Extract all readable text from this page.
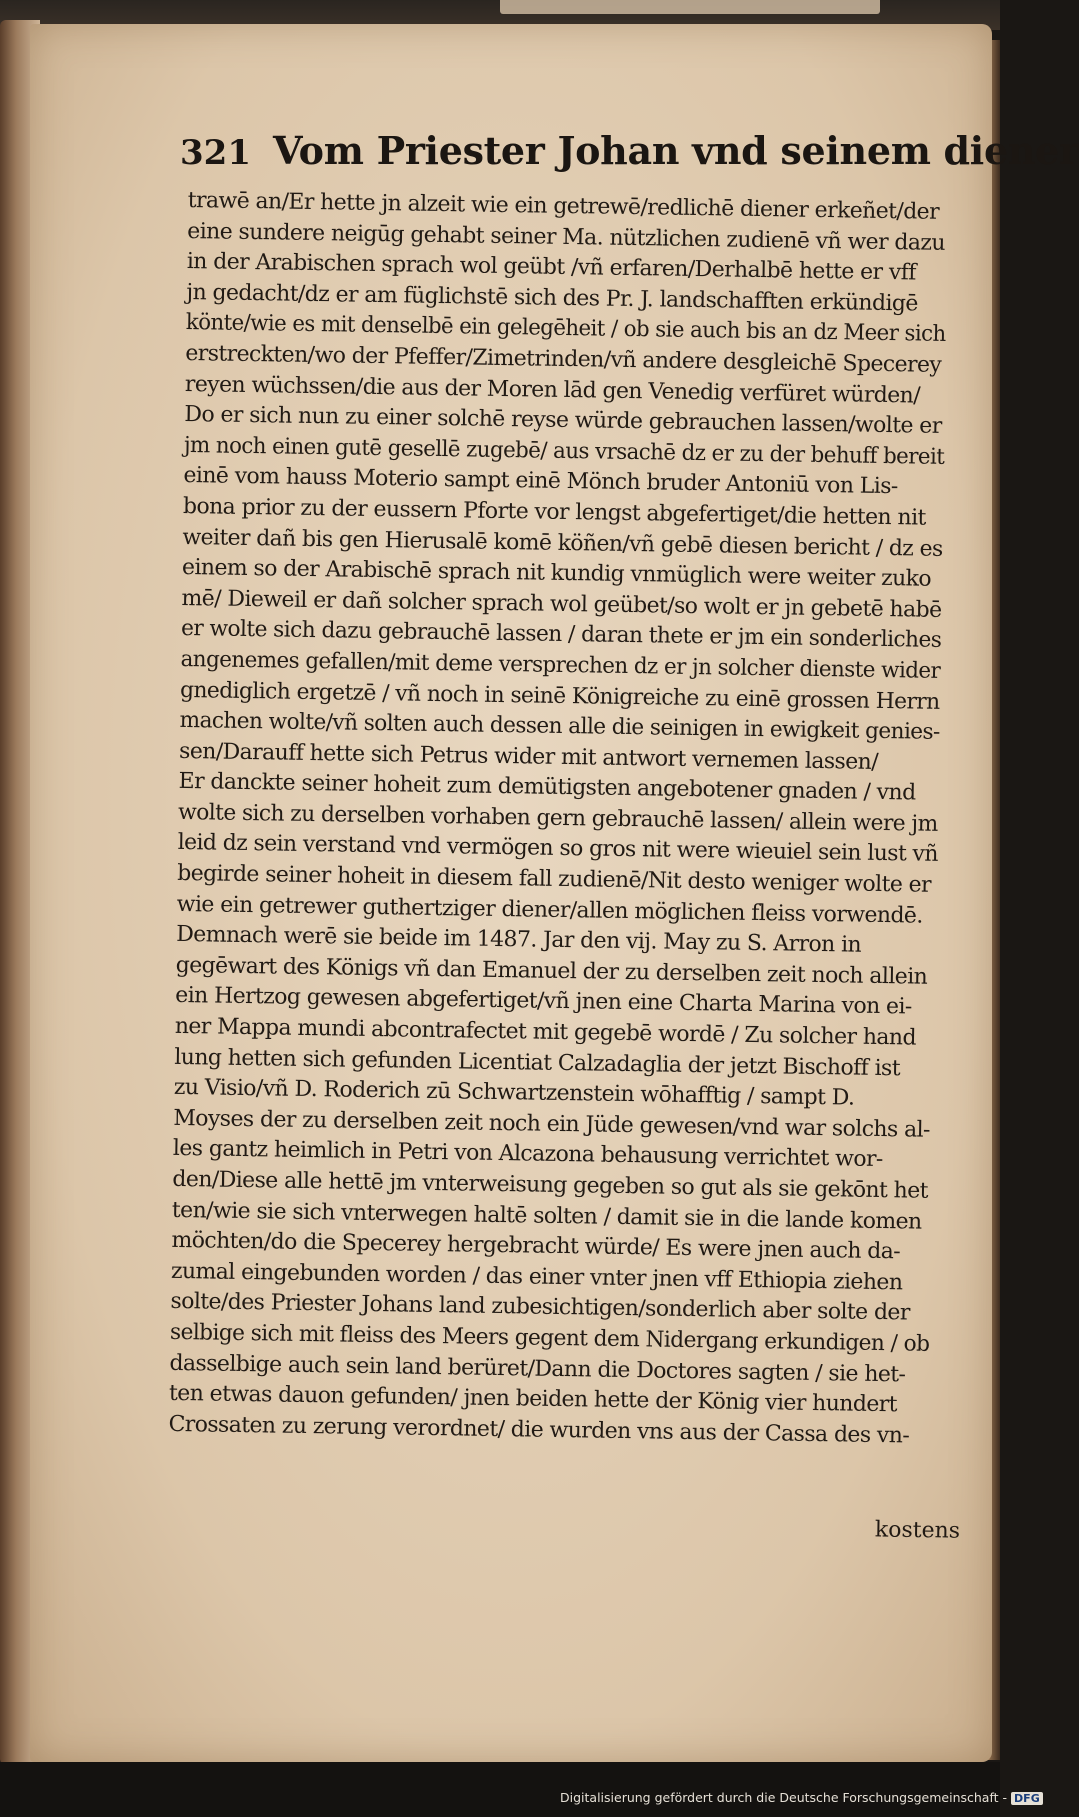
321 Vom Priester Johan vnd seinem diener
trawē an/Er hette jn alzeit wie ein getrewē/redlichē diener erkeñet/der
eine sundere neigūg gehabt seiner Ma. nützlichen zudienē vñ wer dazu
in der Arabischen sprach wol geübt /vñ erfaren/Derhalbē hette er vff
jn gedacht/dz er am füglichstē sich des Pr. J. landschafften erkündigē
könte/wie es mit denselbē ein gelegēheit / ob sie auch bis an dz Meer sich
erstreckten/wo der Pfeffer/Zimetrinden/vñ andere desgleichē Specerey
reyen wüchssen/die aus der Moren lād gen Venedig verfüret würden/
Do er sich nun zu einer solchē reyse würde gebrauchen lassen/wolte er
jm noch einen gutē gesellē zugebē/ aus vrsachē dz er zu der behuff bereit
einē vom hauss Moterio sampt einē Mönch bruder Antoniū von Lis-
bona prior zu der eussern Pforte vor lengst abgefertiget/die hetten nit
weiter dañ bis gen Hierusalē komē köñen/vñ gebē diesen bericht / dz es
einem so der Arabischē sprach nit kundig vnmüglich were weiter zuko
mē/ Dieweil er dañ solcher sprach wol geübet/so wolt er jn gebetē habē
er wolte sich dazu gebrauchē lassen / daran thete er jm ein sonderliches
angenemes gefallen/mit deme versprechen dz er jn solcher dienste wider
gnediglich ergetzē / vñ noch in seinē Königreiche zu einē grossen Herrn
machen wolte/vñ solten auch dessen alle die seinigen in ewigkeit genies-
sen/Darauff hette sich Petrus wider mit antwort vernemen lassen/
Er danckte seiner hoheit zum demütigsten angebotener gnaden / vnd
wolte sich zu derselben vorhaben gern gebrauchē lassen/ allein were jm
leid dz sein verstand vnd vermögen so gros nit were wieuiel sein lust vñ
begirde seiner hoheit in diesem fall zudienē/Nit desto weniger wolte er
wie ein getrewer guthertziger diener/allen möglichen fleiss vorwendē.
Demnach werē sie beide im 1487. Jar den vij. May zu S. Arron in
gegēwart des Königs vñ dan Emanuel der zu derselben zeit noch allein
ein Hertzog gewesen abgefertiget/vñ jnen eine Charta Marina von ei-
ner Mappa mundi abcontrafectet mit gegebē wordē / Zu solcher hand
lung hetten sich gefunden Licentiat Calzadaglia der jetzt Bischoff ist
zu Visio/vñ D. Roderich zū Schwartzenstein wōhafftig / sampt D.
Moyses der zu derselben zeit noch ein Jüde gewesen/vnd war solchs al-
les gantz heimlich in Petri von Alcazona behausung verrichtet wor-
den/Diese alle hettē jm vnterweisung gegeben so gut als sie gekōnt het
ten/wie sie sich vnterwegen haltē solten / damit sie in die lande komen
möchten/do die Specerey hergebracht würde/ Es were jnen auch da-
zumal eingebunden worden / das einer vnter jnen vff Ethiopia ziehen
solte/des Priester Johans land zubesichtigen/sonderlich aber solte der
selbige sich mit fleiss des Meers gegent dem Nidergang erkundigen / ob
dasselbige auch sein land berüret/Dann die Doctores sagten / sie het-
ten etwas dauon gefunden/ jnen beiden hette der König vier hundert
Crossaten zu zerung verordnet/ die wurden vns aus der Cassa des vn-
kostens
Digitalisierung gefördert durch die Deutsche Forschungsgemeinschaft - DFG
